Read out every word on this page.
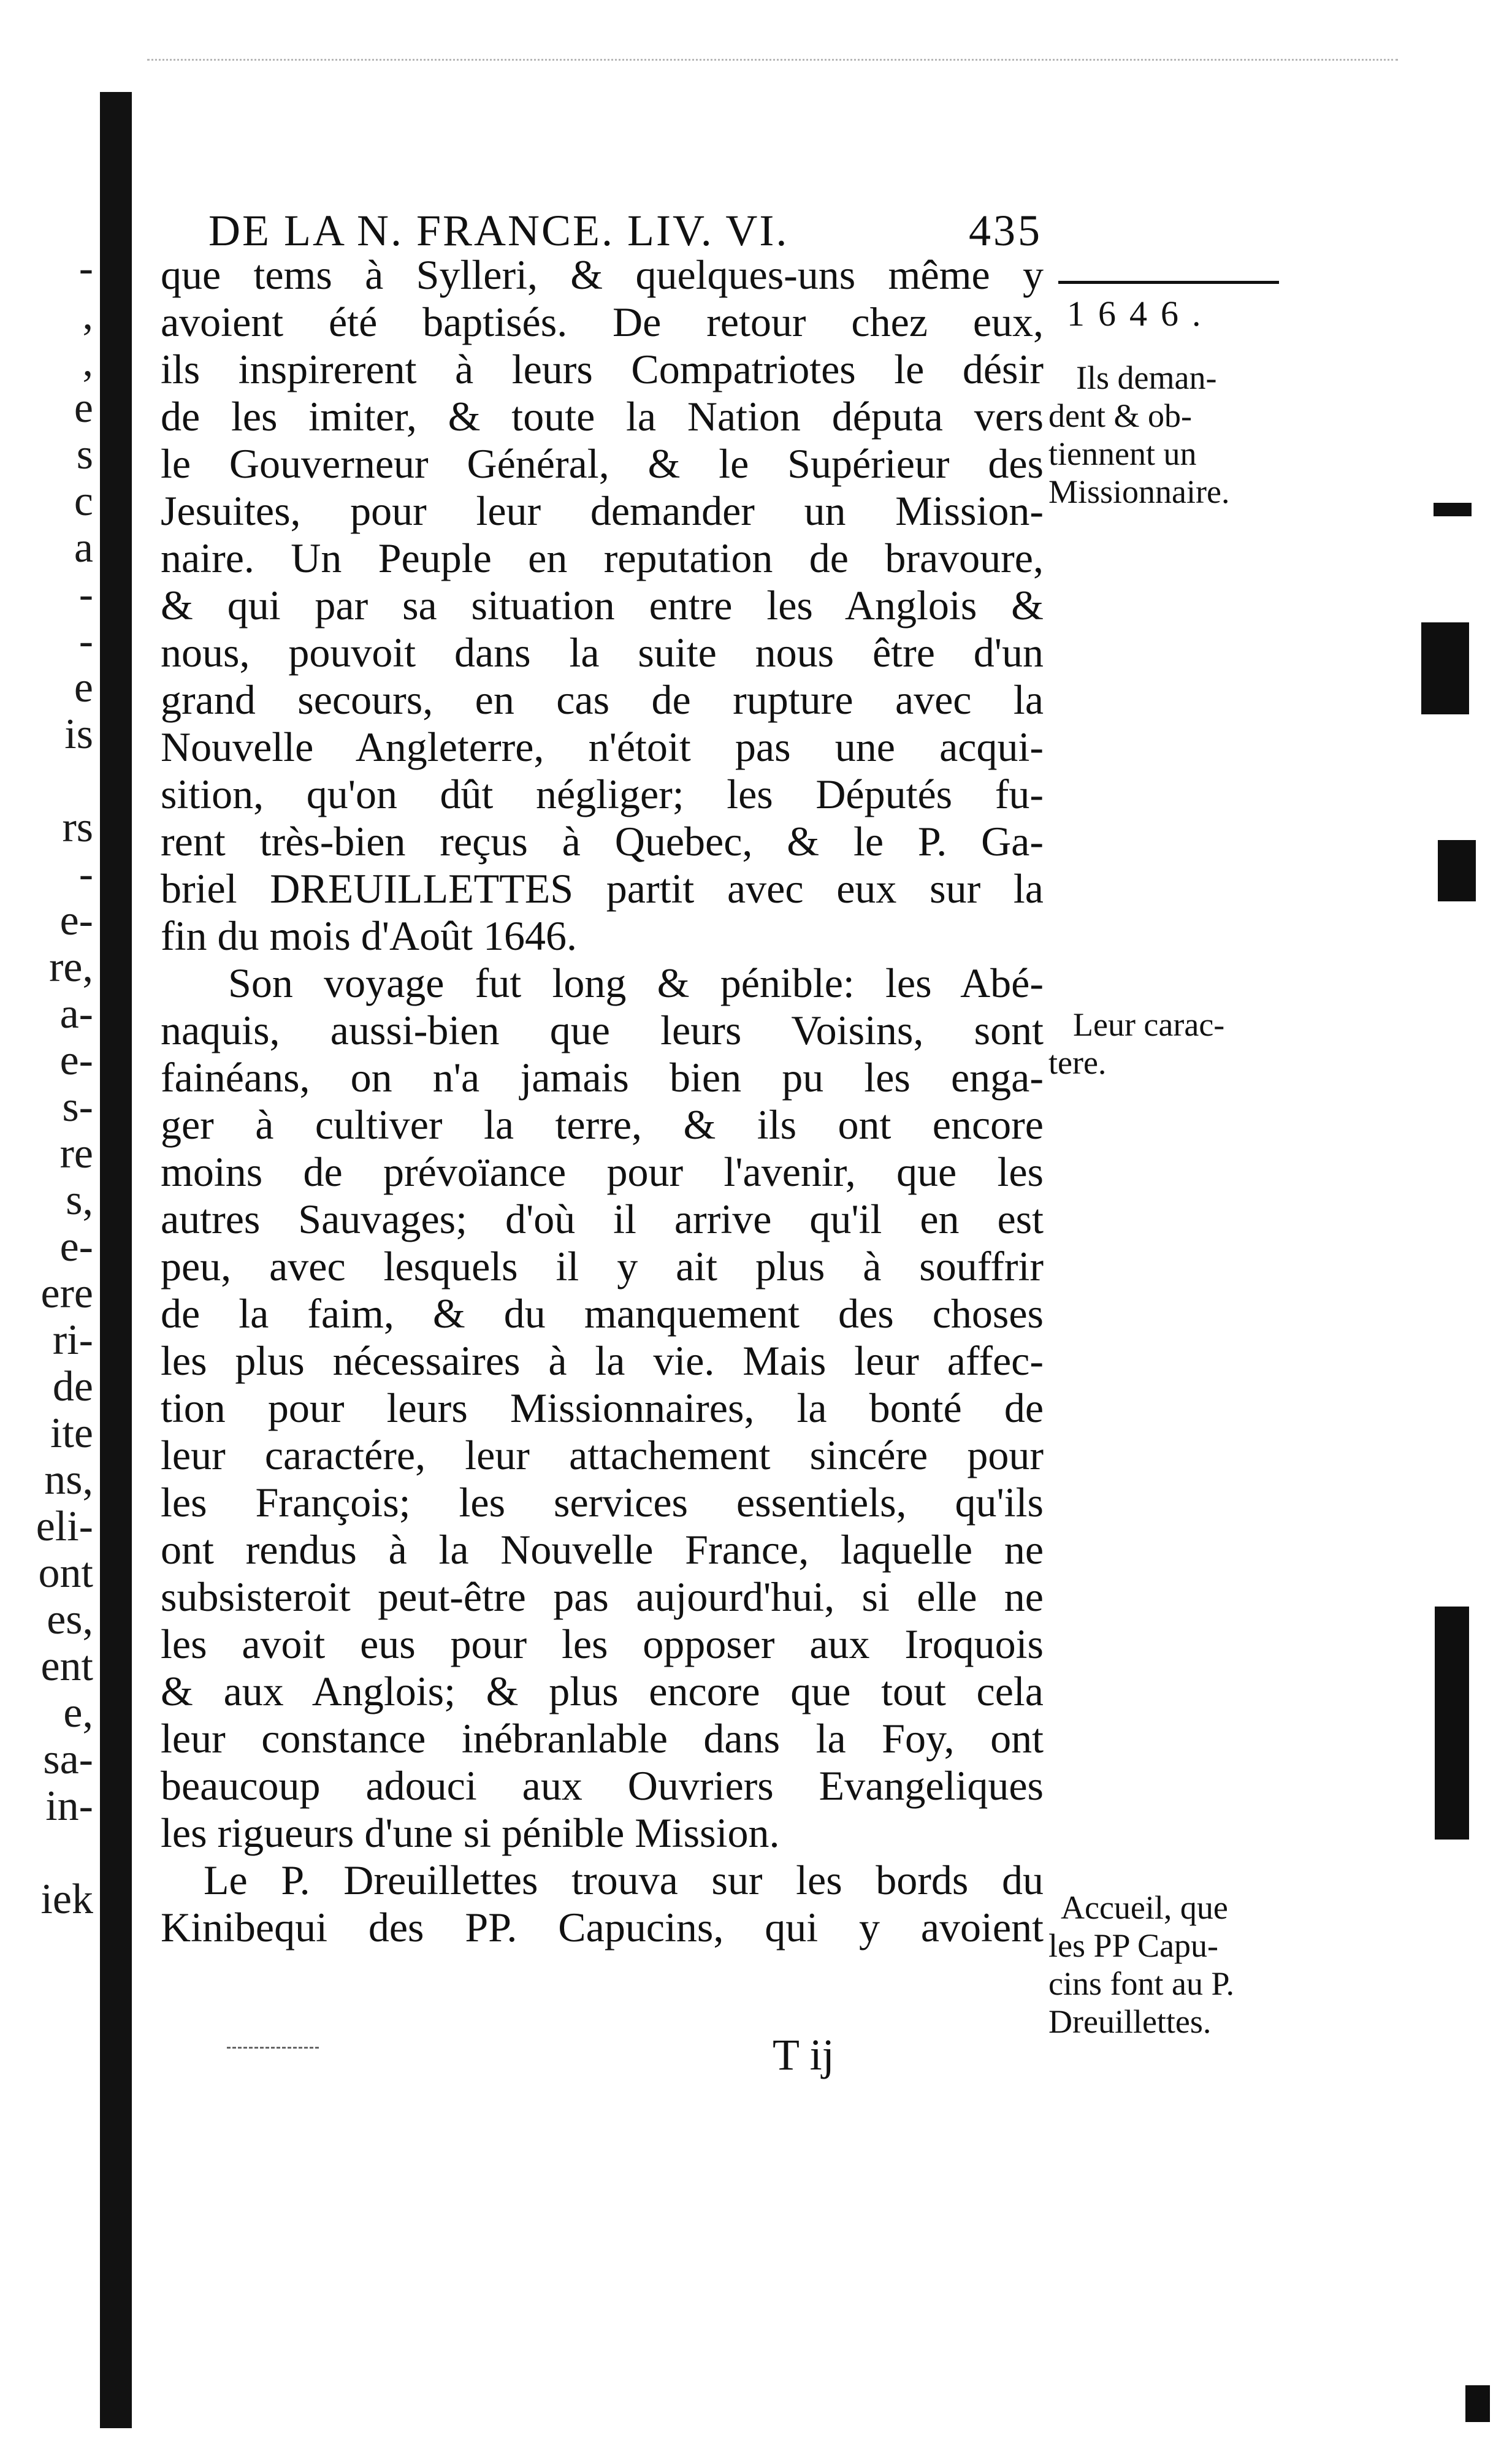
-
,
,
e
s
c
a
-
-
e
is
rs
-
e-
re,
a-
e-
s-
re
s,
e-
ere
ri-
de
ite
ns,
eli-
ont
es,
ent
e,
sa-
in-
iek
DE LA N. FRANCE. LIV. VI.	435
1646.
Ils deman-
dent & ob-
tiennent un
Missionnaire.
Leur carac-
tere.
Accueil, que
les PP Capu-
cins font au P.
Dreuillettes.
que tems à Sylleri, & quelques-uns même y
avoient été baptisés. De retour chez eux,
ils inspirerent à leurs Compatriotes le désir
de les imiter, & toute la Nation députa vers
le Gouverneur Général, & le Supérieur des
Jesuites, pour leur demander un Mission-
naire. Un Peuple en reputation de bravoure,
& qui par sa situation entre les Anglois &
nous, pouvoit dans la suite nous être d'un
grand secours, en cas de rupture avec la
Nouvelle Angleterre, n'étoit pas une acqui-
sition, qu'on dût négliger; les Députés fu-
rent très-bien reçus à Quebec, & le P. Ga-
briel DREUILLETTES partit avec eux sur la
fin du mois d'Août 1646.
Son voyage fut long & pénible: les Abé-
naquis, aussi-bien que leurs Voisins, sont
fainéans, on n'a jamais bien pu les enga-
ger à cultiver la terre, & ils ont encore
moins de prévoïance pour l'avenir, que les
autres Sauvages; d'où il arrive qu'il en est
peu, avec lesquels il y ait plus à souffrir
de la faim, & du manquement des choses
les plus nécessaires à la vie. Mais leur affec-
tion pour leurs Missionnaires, la bonté de
leur caractére, leur attachement sincére pour
les François; les services essentiels, qu'ils
ont rendus à la Nouvelle France, laquelle ne
subsisteroit peut-être pas aujourd'hui, si elle ne
les avoit eus pour les opposer aux Iroquois
& aux Anglois; & plus encore que tout cela
leur constance inébranlable dans la Foy, ont
beaucoup adouci aux Ouvriers Evangeliques
les rigueurs d'une si pénible Mission.
Le P. Dreuillettes trouva sur les bords du
Kinibequi des PP. Capucins, qui y avoient
T ij
